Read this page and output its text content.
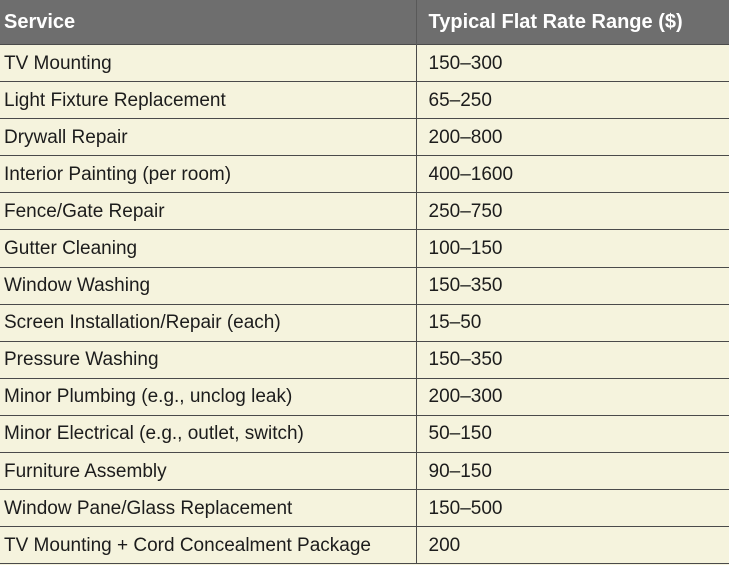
Service	Typical Flat Rate Range ($)
TV Mounting	150–300
Light Fixture Replacement	65–250
Drywall Repair	200–800
Interior Painting (per room)	400–1600
Fence/Gate Repair	250–750
Gutter Cleaning	100–150
Window Washing	150–350
Screen Installation/Repair (each)	15–50
Pressure Washing	150–350
Minor Plumbing (e.g., unclog leak)	200–300
Minor Electrical (e.g., outlet, switch)	50–150
Furniture Assembly	90–150
Window Pane/Glass Replacement	150–500
TV Mounting + Cord Concealment Package	200
